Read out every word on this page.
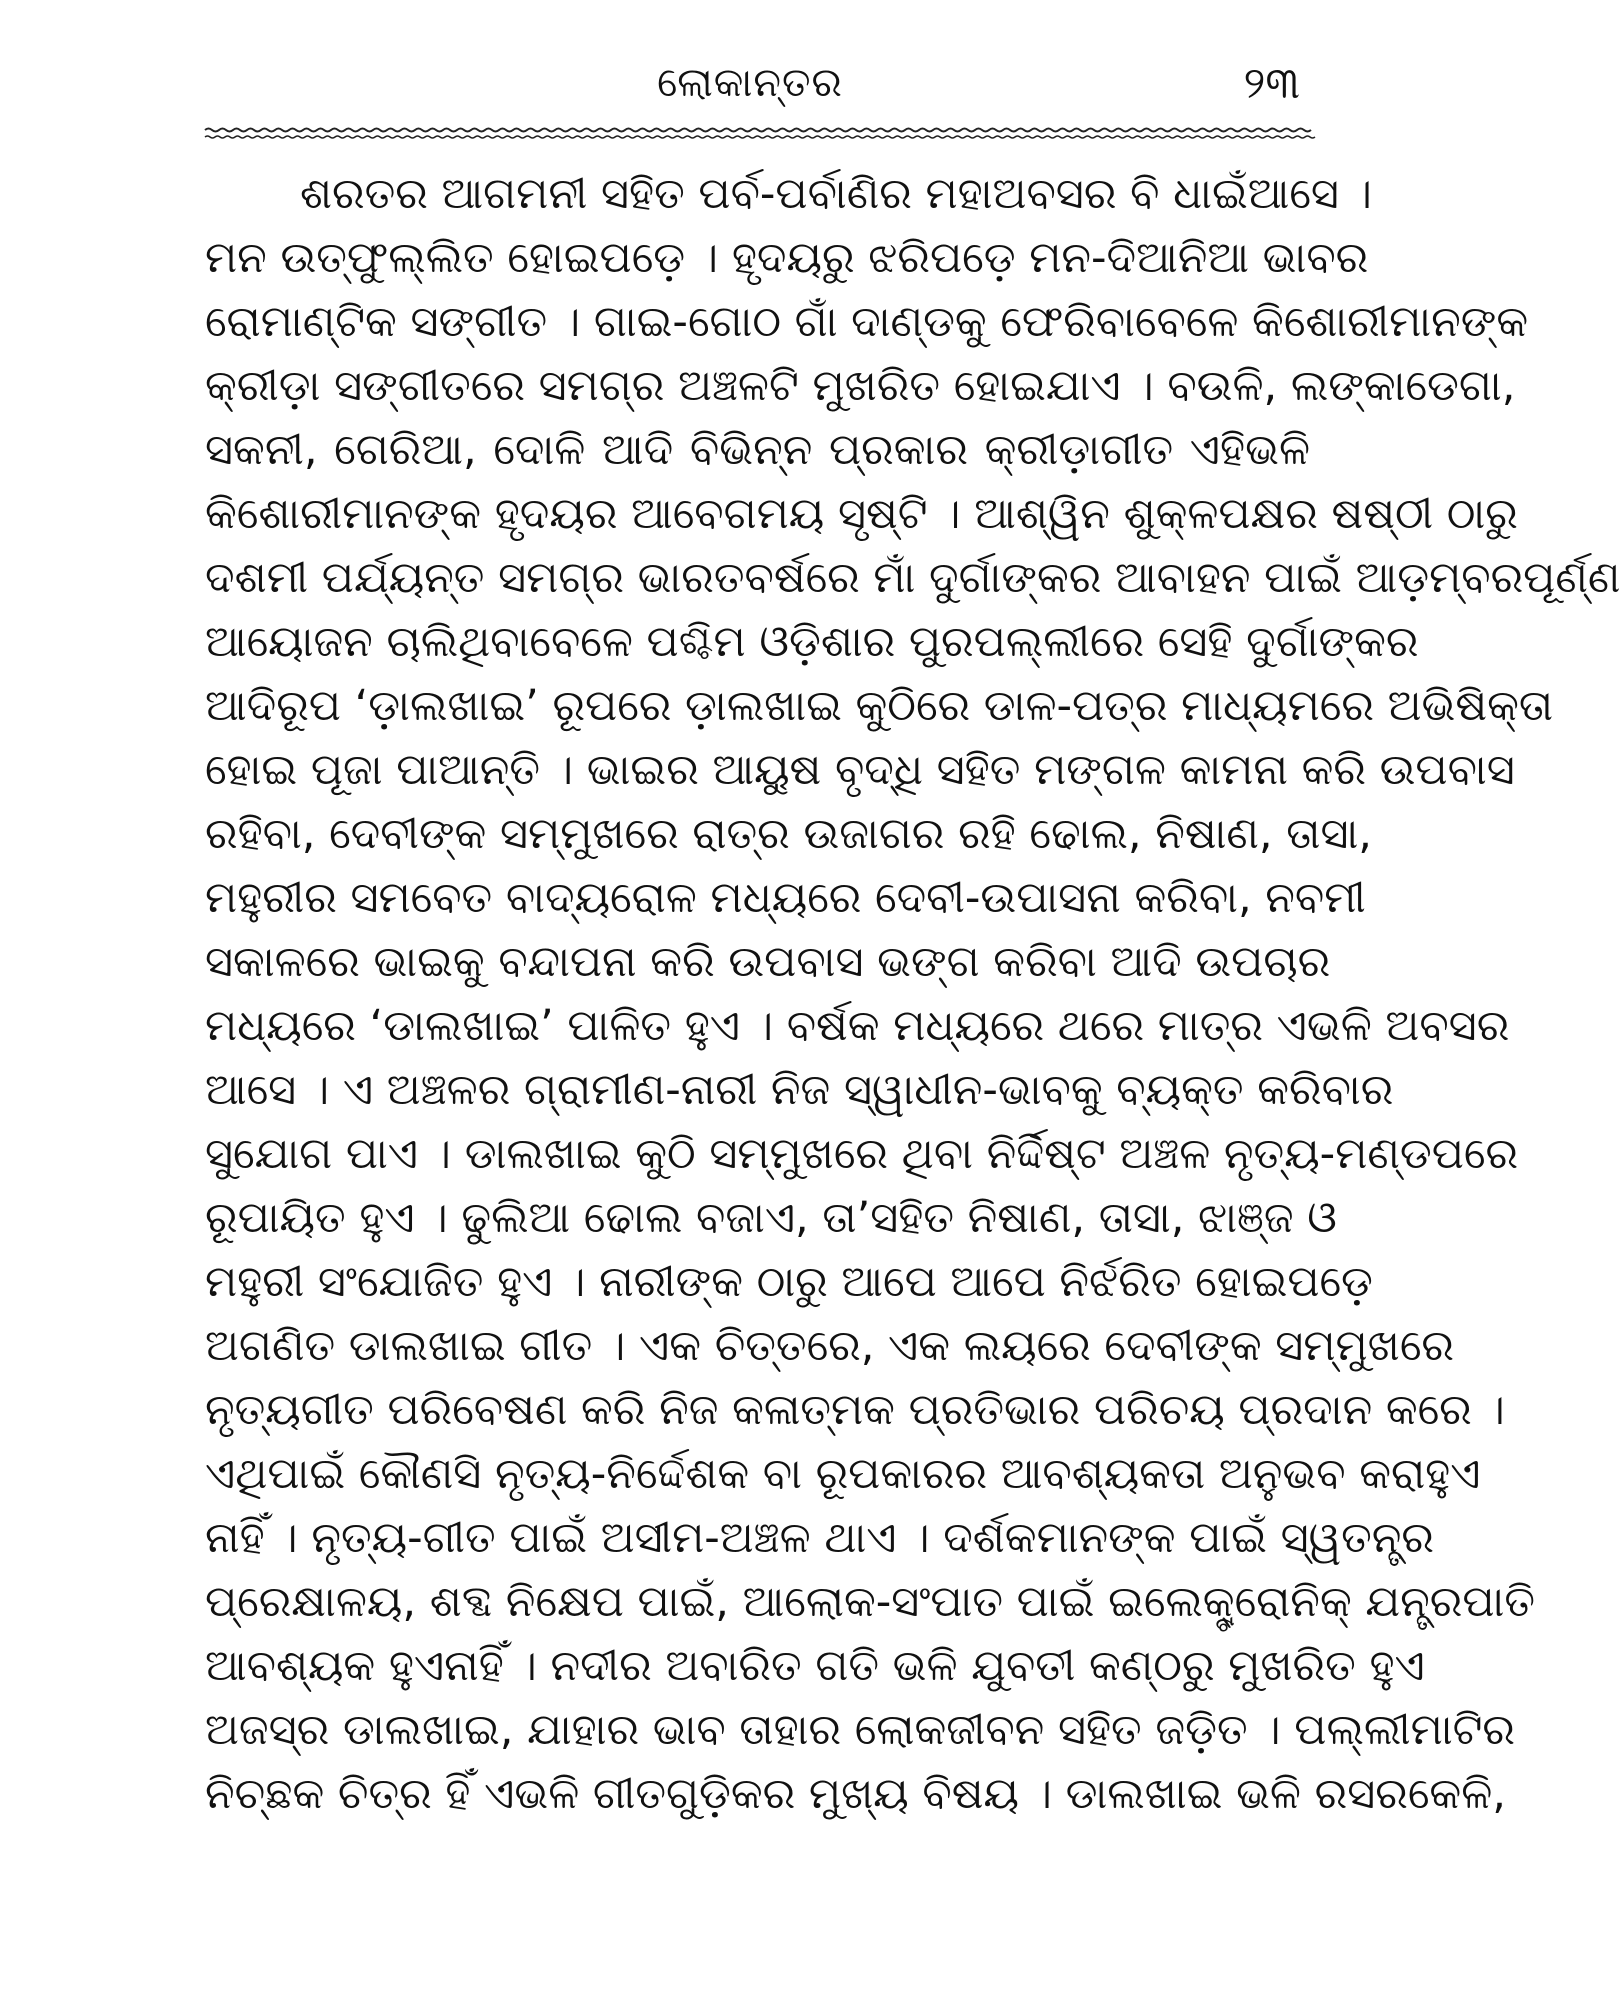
ଲୋକାନ୍ତର	୨୩
ଶରତର ଆଗମନୀ ସହିତ ପର୍ବ-ପର୍ବାଣିର ମହାଅବସର ବି ଧାଇଁଆସେ ।
ମନ ଉତ୍‌ଫୁଲ୍ଲିତ ହୋଇପଡ଼େ । ହୃଦୟରୁ ଝରିପଡ଼େ ମନ-ଦିଆନିଆ ଭାବର
ରୋମାଣ୍ଟିକ ସଙ୍ଗୀତ । ଗାଇ-ଗୋଠ ଗାଁ ଦାଣ୍ଡକୁ ଫେରିବାବେଳେ କିଶୋରୀମାନଙ୍କ
କ୍ରୀଡ଼ା ସଙ୍ଗୀତରେ ସମଗ୍ର ଅଞ୍ଚଳଟି ମୁଖରିତ ହୋଇଯାଏ । ବଉଳି, ଲଙ୍କାଡେଗା,
ସକନୀ, ଗେରିଆ, ଦୋଳି ଆଦି ବିଭିନ୍ନ ପ୍ରକାର କ୍ରୀଡ଼ାଗୀତ ଏହିଭଳି
କିଶୋରୀମାନଙ୍କ ହୃଦୟର ଆବେଗମୟ ସୃଷ୍ଟି । ଆଶ୍ୱିନ ଶୁକ୍ଳପକ୍ଷର ଷଷ୍ଠୀ ଠାରୁ
ଦଶମୀ ପର୍ଯ୍ୟନ୍ତ ସମଗ୍ର ଭାରତବର୍ଷରେ ମାଁ ଦୁର୍ଗାଙ୍କର ଆବାହନ ପାଇଁ ଆଡ଼ମ୍ବରପୂର୍ଣ୍ଣ
ଆୟୋଜନ ଚାଲିଥିବାବେଳେ ପଶ୍ଚିମ ଓଡ଼ିଶାର ପୁରପଲ୍ଲୀରେ ସେହି ଦୁର୍ଗାଙ୍କର
ଆଦିରୂପ ‘ଡ଼ାଲଖାଇ’ ରୂପରେ ଡ଼ାଲଖାଇ କୁଠିରେ ଡାଳ-ପତ୍ର ମାଧ୍ୟମରେ ଅଭିଷିକ୍ତା
ହୋଇ ପୂଜା ପାଆନ୍ତି । ଭାଇର ଆୟୁଷ ବୃଦ୍ଧି ସହିତ ମଙ୍ଗଳ କାମନା କରି ଉପବାସ
ରହିବା, ଦେବୀଙ୍କ ସମ୍ମୁଖରେ ରାତ୍ର ଉଜାଗର ରହି ଢୋଲ, ନିଷାଣ, ତାସା,
ମହୁରୀର ସମବେତ ବାଦ୍ୟରୋଳ ମଧ୍ୟରେ ଦେବୀ-ଉପାସନା କରିବା, ନବମୀ
ସକାଳରେ ଭାଇକୁ ବନ୍ଦାପନା କରି ଉପବାସ ଭଙ୍ଗ କରିବା ଆଦି ଉପଚାର
ମଧ୍ୟରେ ‘ଡାଲଖାଇ’ ପାଳିତ ହୁଏ । ବର୍ଷକ ମଧ୍ୟରେ ଥରେ ମାତ୍ର ଏଭଳି ଅବସର
ଆସେ । ଏ ଅଞ୍ଚଳର ଗ୍ରାମୀଣ-ନାରୀ ନିଜ ସ୍ୱାଧୀନ-ଭାବକୁ ବ୍ୟକ୍ତ କରିବାର
ସୁଯୋଗ ପାଏ । ଡାଲଖାଇ କୁଠି ସମ୍ମୁଖରେ ଥିବା ନିର୍ଦ୍ଦିଷ୍ଟ ଅଞ୍ଚଳ ନୃତ୍ୟ-ମଣ୍ଡପରେ
ରୂପାୟିତ ହୁଏ । ଢୁଲିଆ ଢୋଲ ବଜାଏ, ତା’ସହିତ ନିଷାଣ, ତାସା, ଝାଞ୍ଜ ଓ
ମହୁରୀ ସଂଯୋଜିତ ହୁଏ । ନାରୀଙ୍କ ଠାରୁ ଆପେ ଆପେ ନିର୍ଝରିତ ହୋଇପଡ଼େ
ଅଗଣିତ ଡାଲଖାଇ ଗୀତ । ଏକ ଚିତ୍ତରେ, ଏକ ଲୟରେ ଦେବୀଙ୍କ ସମ୍ମୁଖରେ
ନୃତ୍ୟଗୀତ ପରିବେଷଣ କରି ନିଜ କଳାତ୍ମକ ପ୍ରତିଭାର ପରିଚୟ ପ୍ରଦାନ କରେ ।
ଏଥିପାଇଁ କୌଣସି ନୃତ୍ୟ-ନିର୍ଦ୍ଦେଶକ ବା ରୂପକାରର ଆବଶ୍ୟକତା ଅନୁଭବ କରାହୁଏ
ନାହିଁ । ନୃତ୍ୟ-ଗୀତ ପାଇଁ ଅସୀମ-ଅଞ୍ଚଳ ଥାଏ । ଦର୍ଶକମାନଙ୍କ ପାଇଁ ସ୍ୱତନ୍ତ୍ର
ପ୍ରେକ୍ଷାଳୟ, ଶବ୍ଦ ନିକ୍ଷେପ ପାଇଁ, ଆଲୋକ-ସଂପାତ ପାଇଁ ଇଲେକ୍ଟ୍ରୋନିକ୍ ଯନ୍ତ୍ରପାତି
ଆବଶ୍ୟକ ହୁଏନାହିଁ । ନଦୀର ଅବାରିତ ଗତି ଭଳି ଯୁବତୀ କଣ୍ଠରୁ ମୁଖରିତ ହୁଏ
ଅଜସ୍ର ଡାଲଖାଇ, ଯାହାର ଭାବ ତାହାର ଲୋକଜୀବନ ସହିତ ଜଡ଼ିତ । ପଲ୍ଲୀମାଟିର
ନିଚ୍ଛକ ଚିତ୍ର ହିଁ ଏଭଳି ଗୀତଗୁଡ଼ିକର ମୁଖ୍ୟ ବିଷୟ । ଡାଲଖାଇ ଭଳି ରସରକେଳି,
